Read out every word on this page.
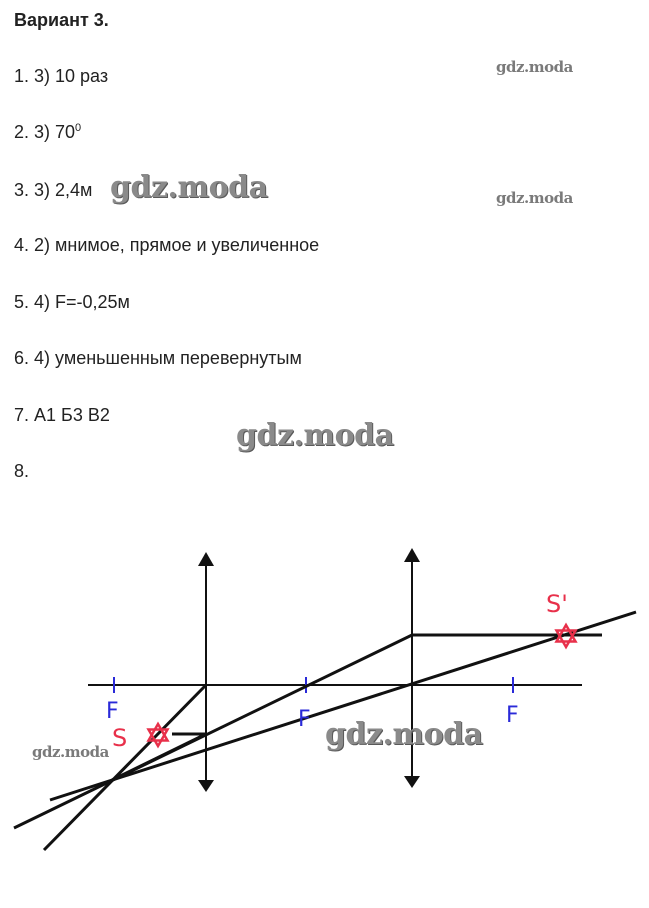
Вариант 3.
1. 3) 10 раз
2. 3) $70^0$
3. 3) 2,4м
4. 2) мнимое, прямое и увеличенное
5. 4) F=-0,25м
6. 4) уменьшенным перевернутым
7. А1 Б3 В2
8.
gdz.moda
gdz.moda	gdz.moda
gdz.moda
gdz.moda
F	F	F
S
S'
gdz.moda
